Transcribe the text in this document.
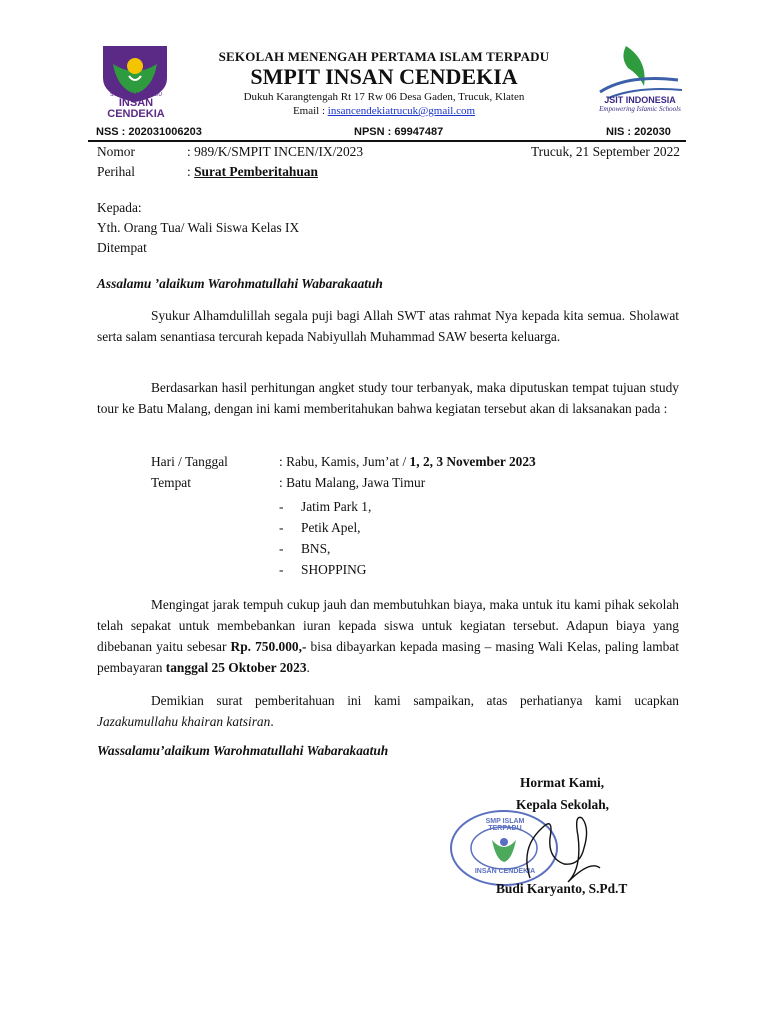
SMP ISLAM TERPADU
INSAN
CENDEKIA
JSIT INDONESIA
Empowering Islamic Schools
SEKOLAH MENENGAH PERTAMA ISLAM TERPADU
SMPIT INSAN CENDEKIA
Dukuh Karangtengah Rt 17 Rw 06 Desa Gaden, Trucuk, Klaten
Email : insancendekiatrucuk@gmail.com
NSS : 202031006203	NPSN : 69947487	NIS : 202030
Nomor	: 989/K/SMPIT INCEN/IX/2023	Trucuk, 21 September 2022
Perihal	: Surat Pemberitahuan
Kepada:
Yth. Orang Tua/ Wali Siswa Kelas IX
Ditempat
Assalamu ’alaikum Warohmatullahi Wabarakaatuh
Syukur Alhamdulillah segala puji bagi Allah SWT atas rahmat Nya kepada kita semua. Sholawat serta salam senantiasa tercurah kepada Nabiyullah Muhammad SAW beserta keluarga.
Berdasarkan hasil perhitungan angket study tour terbanyak, maka diputuskan tempat tujuan study tour ke Batu Malang, dengan ini kami memberitahukan bahwa kegiatan tersebut akan di laksanakan pada :
Hari / Tanggal	: Rabu, Kamis, Jum’at / 1, 2, 3 November 2023
Tempat	: Batu Malang, Jawa Timur
- Jatim Park 1,
- Petik Apel,
- BNS,
- SHOPPING
Mengingat jarak tempuh cukup jauh dan membutuhkan biaya, maka untuk itu kami pihak sekolah telah sepakat untuk membebankan iuran kepada siswa untuk kegiatan tersebut. Adapun biaya yang dibebanan yaitu sebesar Rp. 750.000,- bisa dibayarkan kepada masing – masing Wali Kelas, paling lambat pembayaran tanggal 25 Oktober 2023.
Demikian surat pemberitahuan ini kami sampaikan, atas perhatianya kami ucapkan Jazakumullahu khairan katsiran.
Wassalamu’alaikum Warohmatullahi Wabarakaatuh
Hormat Kami,
Kepala Sekolah,
SMP ISLAM TERPADU
INSAN CENDEKIA
Budi Karyanto, S.Pd.T
